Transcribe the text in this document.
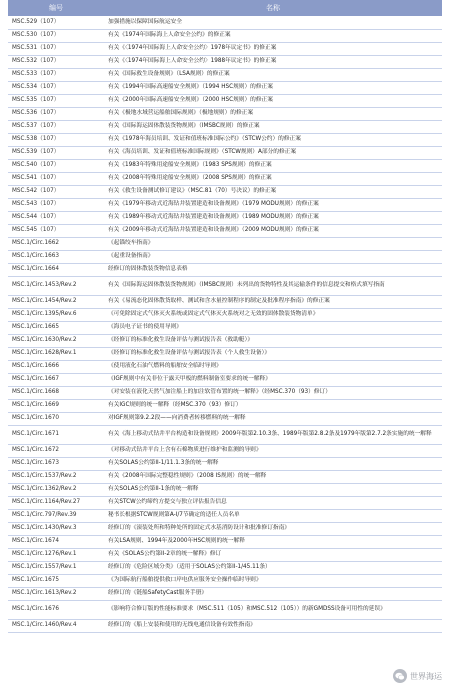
编号	名称
MSC.529（107）	加强措施以保障国际航运安全
MSC.530（107）	有关《1974年国际海上人命安全公约》的修正案
MSC.531（107）	有关《〈1974年国际海上人命安全公约〉1978年议定书》的修正案
MSC.532（107）	有关《〈1974年国际海上人命安全公约〉1988年议定书》的修正案
MSC.533（107）	有关《国际救生设备规则》（LSA规则）的修正案
MSC.534（107）	有关《1994年国际高速船安全规则》（1994 HSC规则）的修正案
MSC.535（107）	有关《2000年国际高速船安全规则》（2000 HSC规则）的修正案
MSC.536（107）	有关《极地水域营运船舶国际规则》（极地规则）的修正案
MSC.537（107）	有关《国际海运固体散装货物规则》（IMSBC规则）的修正案
MSC.538（107）	有关《1978年海员培训、发证和值班标准国际公约》（STCW公约）的修正案
MSC.539（107）	有关《海员培训、发证和值班标准国际规则》（STCW规则）A部分的修正案
MSC.540（107）	有关《1983年特殊用途船安全规则》（1983 SPS规则）的修正案
MSC.541（107）	有关《2008年特殊用途船安全规则》（2008 SPS规则）的修正案
MSC.542（107）	有关《救生设备测试修订建议》（MSC.81（70）号决议）的修正案
MSC.543（107）	有关《1979年移动式近海钻井装置建造和设备规则》（1979 MODU规则）的修正案
MSC.544（107）	有关《1989年移动式近海钻井装置建造和设备规则》（1989 MODU规则）的修正案
MSC.545（107）	有关《2009年移动式近海钻井装置建造和设备规则》（2009 MODU规则）的修正案
MSC.1/Circ.1662	《起锚绞车指南》
MSC.1/Circ.1663	《起重设备指南》
MSC.1/Circ.1664	经修订的固体散装货物信息表格
MSC.1/Circ.1453/Rev.2	有关《国际海运固体散装货物规则》（IMSBC规则）未列出的货物特性及其运输条件的信息提交和格式填写指南
MSC.1/Circ.1454/Rev.2	有关《易流态化固体散货取样、测试和含水量控制程序的制定及批准程序指南》的修正案
MSC.1/Circ.1395/Rev.6	《可免除固定式气体灭火系统或固定式气体灭火系统对之无效的固体散装货物清单》
MSC.1/Circ.1665	《海员电子证书的使用导则》
MSC.1/Circ.1630/Rev.2	《经修订的标准化救生设备评估与测试报告表（救助艇）》
MSC.1/Circ.1628/Rev.1	《经修订的标准化救生设备评估与测试报告表（个人救生设备）》
MSC.1/Circ.1666	《使用液化石油气燃料的船舶安全临时导则》
MSC.1/Circ.1667	《IGF规则中有关非位于露天甲板的燃料制备室要求的统一解释》
MSC.1/Circ.1668	《对安装在液化天然气加注船上的加注软管布置的统一解释》（经MSC.370（93）修订）
MSC.1/Circ.1669	有关IGC规则的统一解释（经MSC.370（93）修订）
MSC.1/Circ.1670	对IGF规则第9.2.2段——向消费者转移燃料的统一解释
MSC.1/Circ.1671	有关《海上移动式钻井平台构造和设备规则》2009年版第2.10.3条、1989年版第2.8.2条及1979年版第2.7.2条实施的统一解释
MSC.1/Circ.1672	《对移动式钻井平台上含有石棉物质进行维护和监测的导则》
MSC.1/Circ.1673	有关SOLAS公约第II-1/11.1.3条的统一解释
MSC.1/Circ.1537/Rev.2	有关《2008年国际完整稳性规则》（2008 IS规则）的统一解释
MSC.1/Circ.1362/Rev.2	有关SOLAS公约第II-1条的统一解释
MSC.1/Circ.1164/Rev.27	有关STCW公约缔约方提交与独立评估报告信息
MSC.1/Circ.797/Rev.39	秘书长根据STCW规则第A-I/7节确定的适任人员名单
MSC.1/Circ.1430/Rev.3	经修订的《滚装处所和特种处所的固定式水基消防设计和批准修订指南》
MSC.1/Circ.1674	有关LSA规则、1994年及2000年HSC规则的统一解释
MSC.1/Circ.1276/Rev.1	有关《SOLAS公约第II-2章的统一解释》修订
MSC.1/Circ.1557/Rev.1	经修订的《危险区域分类》（适用于SOLAS公约第II-1/45.11条）
MSC.1/Circ.1675	《为国际航行船舶提供救口岸电供应服务安全操作临时导则》
MSC.1/Circ.1613/Rev.2	经修订的《链船SafetyCast服务手册》
MSC.1/Circ.1676	《影响符合修订版的性能标准要求（MSC.511（105）和MSC.512（105））的新GMDSS设备可用性的延误》
MSC.1/Circ.1460/Rev.4	经修订的《船上安装和使用的无线电通信设备有效性指南》
世界海运
